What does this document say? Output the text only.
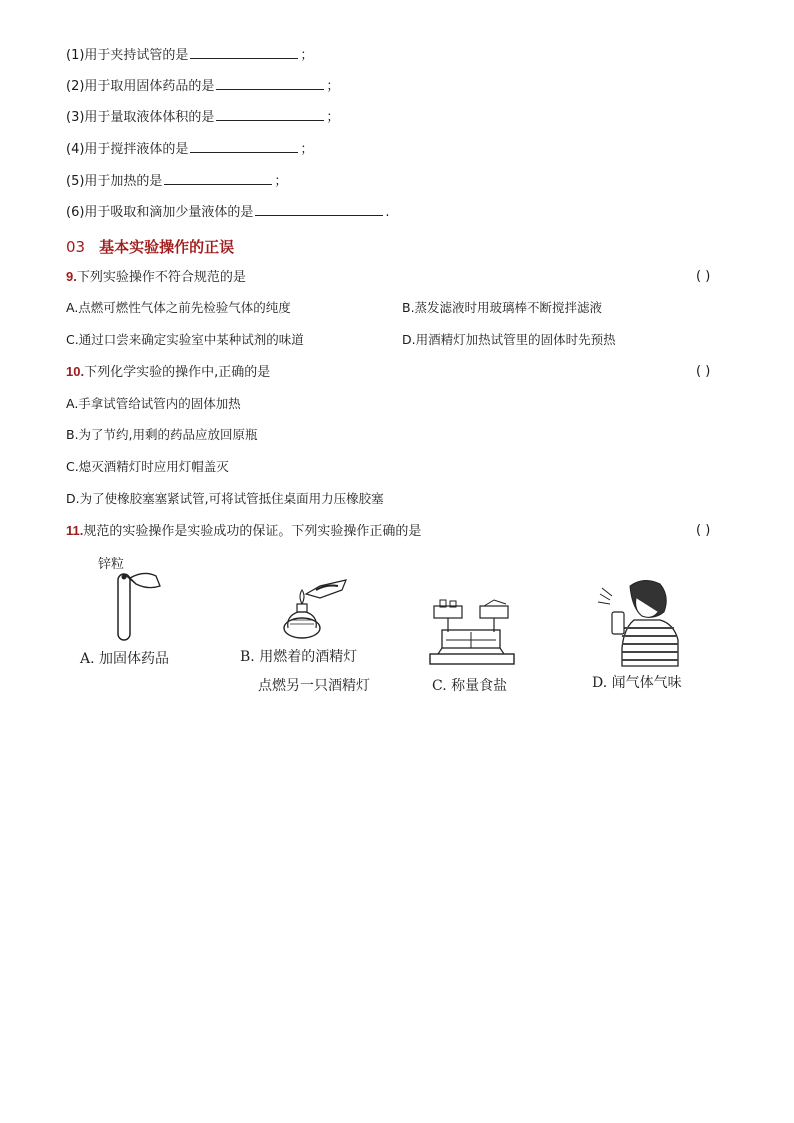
(1)用于夹持试管的是	；
(2)用于取用固体药品的是	；
(3)用于量取液体体积的是	；
(4)用于搅拌液体的是	；
(5)用于加热的是	；
(6)用于吸取和滴加少量液体的是	.
03 基本实验操作的正误
9.下列实验操作不符合规范的是	( )
A.点燃可燃性气体之前先检验气体的纯度	B.蒸发滤液时用玻璃棒不断搅拌滤液
C.通过口尝来确定实验室中某种试剂的味道	D.用酒精灯加热试管里的固体时先预热
10.下列化学实验的操作中,正确的是	( )
A.手拿试管给试管内的固体加热
B.为了节约,用剩的药品应放回原瓶
C.熄灭酒精灯时应用灯帽盖灭
D.为了使橡胶塞塞紧试管,可将试管抵住桌面用力压橡胶塞
11.规范的实验操作是实验成功的保证。下列实验操作正确的是	( )
锌粒
A. 加固体药品	B. 用燃着的酒精灯
点燃另一只酒精灯	C. 称量食盐	D. 闻气体气味
